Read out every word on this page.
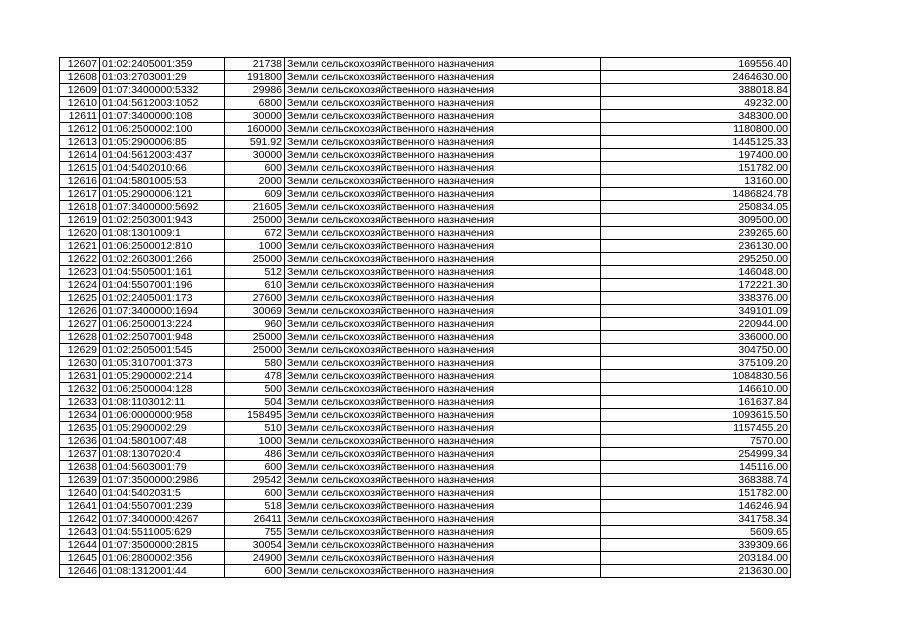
12607	01:02:2405001:359	21738	Земли сельскохозяйственного назначения	169556.40
12608	01:03:2703001:29	191800	Земли сельскохозяйственного назначения	2464630.00
12609	01:07:3400000:5332	29986	Земли сельскохозяйственного назначения	388018.84
12610	01:04:5612003:1052	6800	Земли сельскохозяйственного назначения	49232.00
12611	01:07:3400000:108	30000	Земли сельскохозяйственного назначения	348300.00
12612	01:06:2500002:100	160000	Земли сельскохозяйственного назначения	1180800.00
12613	01:05:2900006:85	591.92	Земли сельскохозяйственного назначения	1445125.33
12614	01:04:5612003:437	30000	Земли сельскохозяйственного назначения	197400.00
12615	01:04:5402010:66	600	Земли сельскохозяйственного назначения	151782.00
12616	01:04:5801005:53	2000	Земли сельскохозяйственного назначения	13160.00
12617	01:05:2900006:121	609	Земли сельскохозяйственного назначения	1486824.78
12618	01:07:3400000:5692	21605	Земли сельскохозяйственного назначения	250834.05
12619	01:02:2503001:943	25000	Земли сельскохозяйственного назначения	309500.00
12620	01:08:1301009:1	672	Земли сельскохозяйственного назначения	239265.60
12621	01:06:2500012:810	1000	Земли сельскохозяйственного назначения	236130.00
12622	01:02:2603001:266	25000	Земли сельскохозяйственного назначения	295250.00
12623	01:04:5505001:161	512	Земли сельскохозяйственного назначения	146048.00
12624	01:04:5507001:196	610	Земли сельскохозяйственного назначения	172221.30
12625	01:02:2405001:173	27600	Земли сельскохозяйственного назначения	338376.00
12626	01:07:3400000:1694	30069	Земли сельскохозяйственного назначения	349101.09
12627	01:06:2500013:224	960	Земли сельскохозяйственного назначения	220944.00
12628	01:02:2507001:948	25000	Земли сельскохозяйственного назначения	336000.00
12629	01:02:2505001:545	25000	Земли сельскохозяйственного назначения	304750.00
12630	01:05:3107001:373	580	Земли сельскохозяйственного назначения	375109.20
12631	01:05:2900002:214	478	Земли сельскохозяйственного назначения	1084830.56
12632	01:06:2500004:128	500	Земли сельскохозяйственного назначения	146610.00
12633	01:08:1103012:11	504	Земли сельскохозяйственного назначения	161637.84
12634	01:06:0000000:958	158495	Земли сельскохозяйственного назначения	1093615.50
12635	01:05:2900002:29	510	Земли сельскохозяйственного назначения	1157455.20
12636	01:04:5801007:48	1000	Земли сельскохозяйственного назначения	7570.00
12637	01:08:1307020:4	486	Земли сельскохозяйственного назначения	254999.34
12638	01:04:5603001:79	600	Земли сельскохозяйственного назначения	145116.00
12639	01:07:3500000:2986	29542	Земли сельскохозяйственного назначения	368388.74
12640	01:04:5402031:5	600	Земли сельскохозяйственного назначения	151782.00
12641	01:04:5507001:239	518	Земли сельскохозяйственного назначения	146246.94
12642	01:07:3400000:4267	26411	Земли сельскохозяйственного назначения	341758.34
12643	01:04:5511005:629	755	Земли сельскохозяйственного назначения	5609.65
12644	01:07:3500000:2815	30054	Земли сельскохозяйственного назначения	339309.66
12645	01:06:2800002:356	24900	Земли сельскохозяйственного назначения	203184.00
12646	01:08:1312001:44	600	Земли сельскохозяйственного назначения	213630.00
